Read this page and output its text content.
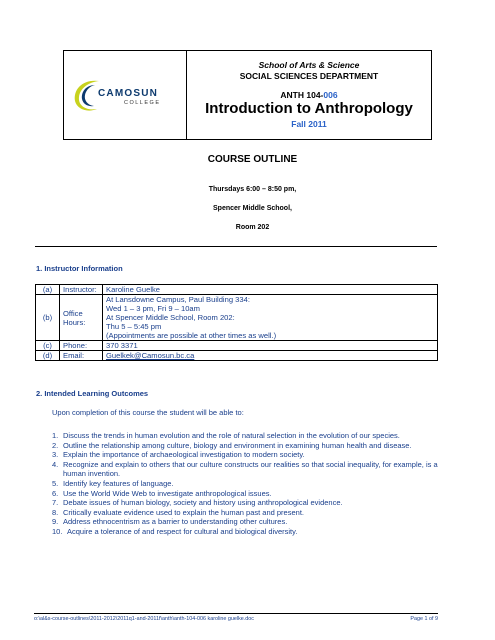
CAMOSUN
COLLEGE
School of Arts & Science
SOCIAL SCIENCES DEPARTMENT
ANTH 104-006
Introduction to Anthropology
Fall 2011
COURSE OUTLINE
Thursdays 6:00 – 8:50 pm,
Spencer Middle School,
Room 202
1. Instructor Information
(a)	Instructor:	Karoline Guelke

(b)	Office Hours:	At Lansdowne Campus, Paul Building 334:
Wed 1 – 3 pm, Fri 9 – 10am
At Spencer Middle School, Room 202:
Thu 5 – 5:45 pm
(Appointments are possible at other times as well.)

(c)	Phone:	370 3371

(d)	Email:	Guelkek@Camosun.bc.ca
2. Intended Learning Outcomes
Upon completion of this course the student will be able to:
1. Discuss the trends in human evolution and the role of natural selection in the evolution of our species.
2. Outline the relationship among culture, biology and environment in examining human health and disease.
3. Explain the importance of archaeological investigation to modern society.
4. Recognize and explain to others that our culture constructs our realities so that social inequality, for example, is a human invention.
5. Identify key features of language.
6. Use the World Wide Web to investigate anthropological issues.
7. Debate issues of human biology, society and history using anthropological evidence.
8. Critically evaluate evidence used to explain the human past and present.
9. Address ethnocentrism as a barrier to understanding other cultures.
10. Acquire a tolerance of and respect for cultural and biological diversity.
o:\al&s-course-outlines\2011-2012\2011q1-and-2011f\anth\anth-104-006 karoline guelke.doc	Page 1 of 9
